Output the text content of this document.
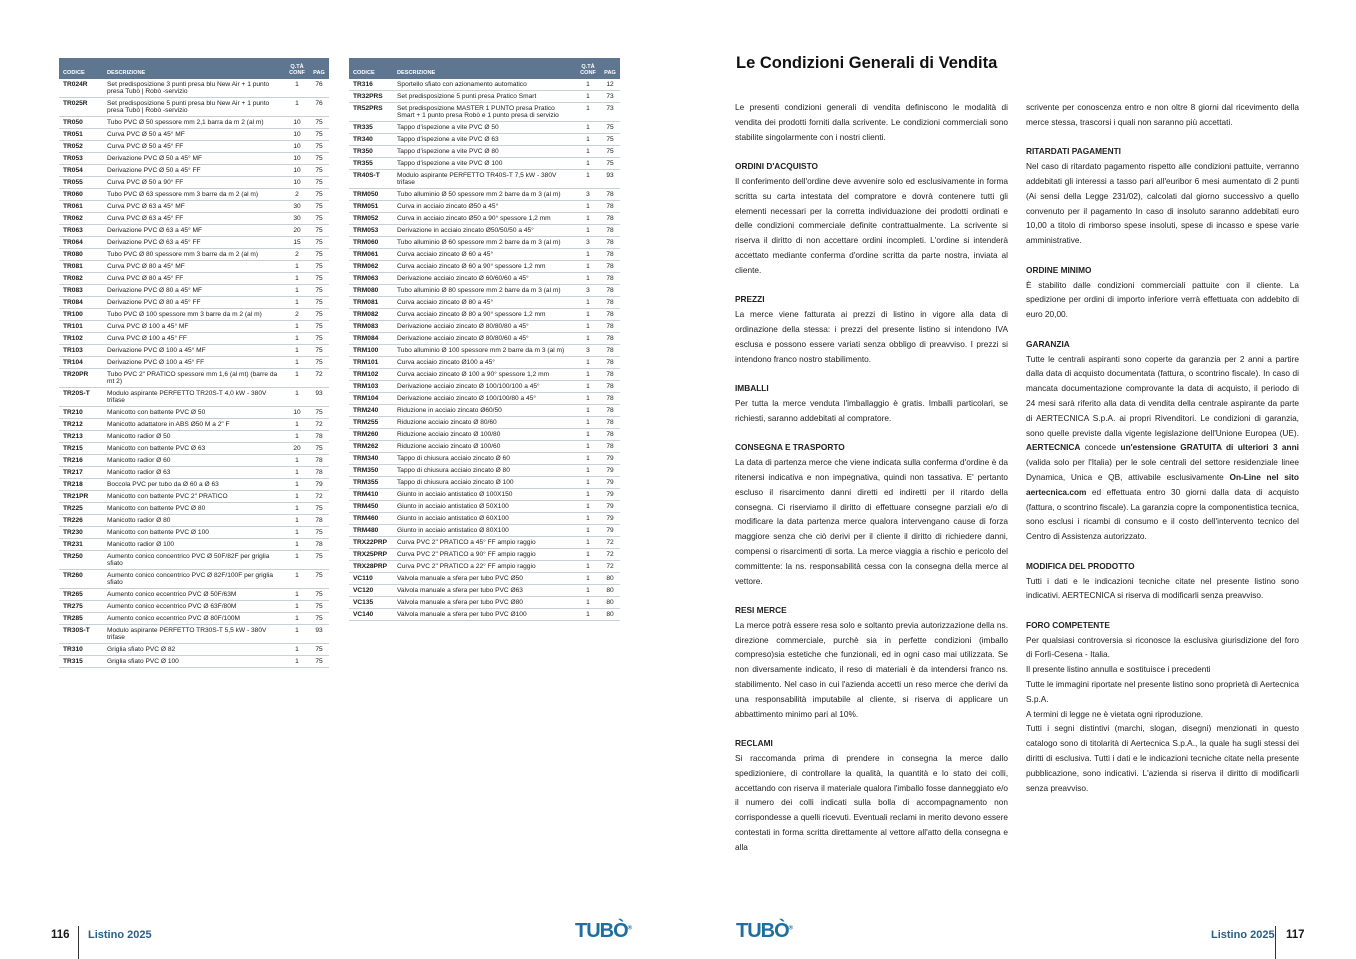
CODICE	DESCRIZIONE	Q.TÀ CONF	PAG
TR024R	Set predisposizione 3 punti presa blu New Air + 1 punto presa Tubò | Robò -servizio	1	76
TR025R	Set predisposizione 5 punti presa blu New Air + 1 punto presa Tubò | Robò -servizio	1	76
TR050	Tubo PVC Ø 50 spessore mm 2,1 barra da m 2 (al m)	10	75
TR051	Curva PVC Ø 50 a 45° MF	10	75
TR052	Curva PVC Ø 50 a 45° FF	10	75
TR053	Derivazione PVC Ø 50 a 45° MF	10	75
TR054	Derivazione PVC Ø 50 a 45° FF	10	75
TR055	Curva PVC Ø 50 a 90° FF	10	75
TR060	Tubo PVC Ø 63 spessore mm 3 barre da m 2 (al m)	2	75
TR061	Curva PVC Ø 63 a 45° MF	30	75
TR062	Curva PVC Ø 63 a 45° FF	30	75
TR063	Derivazione PVC Ø 63 a 45° MF	20	75
TR064	Derivazione PVC Ø 63 a 45° FF	15	75
TR080	Tubo PVC Ø 80 spessore mm 3 barre da m 2 (al m)	2	75
TR081	Curva PVC Ø 80 a 45° MF	1	75
TR082	Curva PVC Ø 80 a 45° FF	1	75
TR083	Derivazione PVC Ø 80 a 45° MF	1	75
TR084	Derivazione PVC Ø 80 a 45° FF	1	75
TR100	Tubo PVC Ø 100 spessore mm 3 barre da m 2 (al m)	2	75
TR101	Curva PVC Ø 100 a 45° MF	1	75
TR102	Curva PVC Ø 100 a 45° FF	1	75
TR103	Derivazione PVC Ø 100 a 45° MF	1	75
TR104	Derivazione PVC Ø 100 a 45° FF	1	75
TR20PR	Tubo PVC 2" PRATICO spessore mm 1,6 (al mt) (barre da mt 2)	1	72
TR20S-T	Modulo aspirante PERFETTO TR20S-T 4,0 kW - 380V trifase	1	93
TR210	Manicotto con battente PVC Ø 50	10	75
TR212	Manicotto adattatore in ABS Ø50 M a 2" F	1	72
TR213	Manicotto radior Ø 50	1	78
TR215	Manicotto con battente PVC Ø 63	20	75
TR216	Manicotto radior Ø 60	1	78
TR217	Manicotto radior Ø 63	1	78
TR218	Boccola PVC per tubo da Ø 60 a Ø 63	1	79
TR21PR	Manicotto con battente PVC 2" PRATICO	1	72
TR225	Manicotto con battente PVC Ø 80	1	75
TR226	Manicotto radior Ø 80	1	78
TR230	Manicotto con battente PVC Ø 100	1	75
TR231	Manicotto radior Ø 100	1	78
TR250	Aumento conico concentrico PVC Ø 50F/82F per griglia sfiato	1	75
TR260	Aumento conico concentrico PVC Ø 82F/100F per griglia sfiato	1	75
TR265	Aumento conico eccentrico PVC Ø 50F/63M	1	75
TR275	Aumento conico eccentrico PVC Ø 63F/80M	1	75
TR285	Aumento conico eccentrico PVC Ø 80F/100M	1	75
TR30S-T	Modulo aspirante PERFETTO TR30S-T 5,5 kW - 380V trifase	1	93
TR310	Griglia sfiato PVC Ø 82	1	75
TR315	Griglia sfiato PVC Ø 100	1	75
CODICE	DESCRIZIONE	Q.TÀ CONF	PAG
TR316	Sportello sfiato con azionamento automatico	1	12
TR32PRS	Set predisposizione 5 punti presa Pratico Smart	1	73
TR52PRS	Set predisposizione MASTER 1 PUNTO presa Pratico Smart + 1 punto presa Robò e 1 punto presa di servizio	1	73
TR335	Tappo d'ispezione a vite PVC Ø 50	1	75
TR340	Tappo d'ispezione a vite PVC Ø 63	1	75
TR350	Tappo d'ispezione a vite PVC Ø 80	1	75
TR355	Tappo d'ispezione a vite PVC Ø 100	1	75
TR40S-T	Modulo aspirante PERFETTO TR40S-T 7,5 kW - 380V trifase	1	93
TRM050	Tubo alluminio Ø 50 spessore mm 2 barre da m 3 (al m)	3	78
TRM051	Curva in acciaio zincato Ø50 a 45°	1	78
TRM052	Curva in acciaio zincato Ø50 a 90° spessore 1,2 mm	1	78
TRM053	Derivazione in acciaio zincato Ø50/50/50 a 45°	1	78
TRM060	Tubo alluminio Ø 60 spessore mm 2 barre da m 3 (al m)	3	78
TRM061	Curva acciaio zincato Ø 60 a 45°	1	78
TRM062	Curva acciaio zincato Ø 60 a 90° spessore 1,2 mm	1	78
TRM063	Derivazione acciaio zincato Ø 60/60/60 a 45°	1	78
TRM080	Tubo alluminio Ø 80 spessore mm 2 barre da m 3 (al m)	3	78
TRM081	Curva acciaio zincato Ø 80 a 45°	1	78
TRM082	Curva acciaio zincato Ø 80 a 90° spessore 1,2 mm	1	78
TRM083	Derivazione acciaio zincato Ø 80/80/80 a 45°	1	78
TRM084	Derivazione acciaio zincato Ø 80/80/60 a 45°	1	78
TRM100	Tubo alluminio Ø 100 spessore mm 2 barre da m 3 (al m)	3	78
TRM101	Curva acciaio zincato Ø100 a 45°	1	78
TRM102	Curva acciaio zincato Ø 100 a 90° spessore 1,2 mm	1	78
TRM103	Derivazione acciaio zincato Ø 100/100/100 a 45°	1	78
TRM104	Derivazione acciaio zincato Ø 100/100/80 a 45°	1	78
TRM240	Riduzione in acciaio zincato Ø60/50	1	78
TRM255	Riduzione acciaio zincato Ø 80/60	1	78
TRM260	Riduzione acciaio zincato Ø 100/80	1	78
TRM262	Riduzione acciaio zincato Ø 100/60	1	78
TRM340	Tappo di chiusura acciaio zincato Ø 60	1	79
TRM350	Tappo di chiusura acciaio zincato Ø 80	1	79
TRM355	Tappo di chiusura acciaio zincato Ø 100	1	79
TRM410	Giunto in acciaio antistatico Ø 100X150	1	79
TRM450	Giunto in acciaio antistatico Ø 50X100	1	79
TRM460	Giunto in acciaio antistatico Ø 60X100	1	79
TRM480	Giunto in acciaio antistatico Ø 80X100	1	79
TRX22PRP	Curva PVC 2" PRATICO a 45° FF ampio raggio	1	72
TRX25PRP	Curva PVC 2" PRATICO a 90° FF ampio raggio	1	72
TRX28PRP	Curva PVC 2" PRATICO a 22° FF ampio raggio	1	72
VC110	Valvola manuale a sfera per tubo PVC Ø50	1	80
VC120	Valvola manuale a sfera per tubo PVC Ø63	1	80
VC135	Valvola manuale a sfera per tubo PVC Ø80	1	80
VC140	Valvola manuale a sfera per tubo PVC Ø100	1	80
116 Listino 2025	TUBÒ®	TUBÒ®
Listino 2025 117
Le Condizioni Generali di Vendita

Le presenti condizioni generali di vendita definiscono le modalità di vendita dei prodotti forniti dalla scrivente. Le condizioni commerciali sono stabilite singolarmente con i nostri clienti.

ORDINI D'ACQUISTO

Il conferimento dell'ordine deve avvenire solo ed esclusivamente in forma scritta su carta intestata del compratore e dovrà contenere tutti gli elementi necessari per la corretta individuazione dei prodotti ordinati e delle condizioni commerciale definite contrattualmente. La scrivente si riserva il diritto di non accettare ordini incompleti. L'ordine si intenderà accettato mediante conferma d'ordine scritta da parte nostra, inviata al cliente.

PREZZI

La merce viene fatturata ai prezzi di listino in vigore alla data di ordinazione della stessa: i prezzi del presente listino si intendono IVA esclusa e possono essere variati senza obbligo di preavviso. I prezzi si intendono franco nostro stabilimento.

IMBALLI

Per tutta la merce venduta l'imballaggio è gratis. Imballi particolari, se richiesti, saranno addebitati al compratore.

CONSEGNA E TRASPORTO

La data di partenza merce che viene indicata sulla conferma d'ordine è da ritenersi indicativa e non impegnativa, quindi non tassativa. E' pertanto escluso il risarcimento danni diretti ed indiretti per il ritardo della consegna. Ci riserviamo il diritto di effettuare consegne parziali e/o di modificare la data partenza merce qualora intervengano cause di forza maggiore senza che ciò derivi per il cliente il diritto di richiedere danni, compensi o risarcimenti di sorta. La merce viaggia a rischio e pericolo del committente: la ns. responsabilità cessa con la consegna della merce al vettore.

RESI MERCE

La merce potrà essere resa solo e soltanto previa autorizzazione della ns. direzione commerciale, purchè sia in perfette condizioni (imballo compreso)sia estetiche che funzionali, ed in ogni caso mai utilizzata. Se non diversamente indicato, il reso di materiali è da intendersi franco ns. stabilimento. Nel caso in cui l'azienda accetti un reso merce che derivi da una responsabilità imputabile al cliente, si riserva di applicare un abbattimento minimo pari al 10%.

RECLAMI

Si raccomanda prima di prendere in consegna la merce dallo spedizioniere, di controllare la qualità, la quantità e lo stato dei colli, accettando con riserva il materiale qualora l'imballo fosse danneggiato e/o il numero dei colli indicati sulla bolla di accompagnamento non corrispondesse a quelli ricevuti. Eventuali reclami in merito devono essere contestati in forma scritta direttamente al vettore all'atto della consegna e alla

scrivente per conoscenza entro e non oltre 8 giorni dal ricevimento della merce stessa, trascorsi i quali non saranno più accettati.

RITARDATI PAGAMENTI

Nel caso di ritardato pagamento rispetto alle condizioni pattuite, verranno addebitati gli interessi a tasso pari all'euribor 6 mesi aumentato di 2 punti (Ai sensi della Legge 231/02), calcolati dal giorno successivo a quello convenuto per il pagamento In caso di insoluto saranno addebitati euro 10,00 a titolo di rimborso spese insoluti, spese di incasso e spese varie amministrative.

ORDINE MINIMO

È stabilito dalle condizioni commerciali pattuite con il cliente. La spedizione per ordini di importo inferiore verrà effettuata con addebito di euro 20,00.

GARANZIA

Tutte le centrali aspiranti sono coperte da garanzia per 2 anni a partire dalla data di acquisto documentata (fattura, o scontrino fiscale). In caso di mancata documentazione comprovante la data di acquisto, il periodo di 24 mesi sarà riferito alla data di vendita della centrale aspirante da parte di AERTECNICA S.p.A. ai propri Rivenditori. Le condizioni di garanzia, sono quelle previste dalla vigente legislazione dell'Unione Europea (UE). AERTECNICA concede un'estensione GRATUITA di ulteriori 3 anni (valida solo per l'Italia) per le sole centrali del settore residenziale linee Dynamica, Unica e QB, attivabile esclusivamente On-Line nel sito aertecnica.com ed effettuata entro 30 giorni dalla data di acquisto (fattura, o scontrino fiscale). La garanzia copre la componentistica tecnica, sono esclusi i ricambi di consumo e il costo dell'intervento tecnico del Centro di Assistenza autorizzato.

MODIFICA DEL PRODOTTO

Tutti i dati e le indicazioni tecniche citate nel presente listino sono indicativi. AERTECNICA si riserva di modificarli senza preavviso.

FORO COMPETENTE

Per qualsiasi controversia si riconosce la esclusiva giurisdizione del foro di Forlì-Cesena - Italia.

Il presente listino annulla e sostituisce i precedenti

Tutte le immagini riportate nel presente listino sono proprietà di Aertecnica S.p.A.

A termini di legge ne è vietata ogni riproduzione.

Tutti i segni distintivi (marchi, slogan, disegni) menzionati in questo catalogo sono di titolarità di Aertecnica S.p.A., la quale ha sugli stessi dei diritti di esclusiva. Tutti i dati e le indicazioni tecniche citate nella presente pubblicazione, sono indicativi. L'azienda si riserva il diritto di modificarli senza preavviso.
